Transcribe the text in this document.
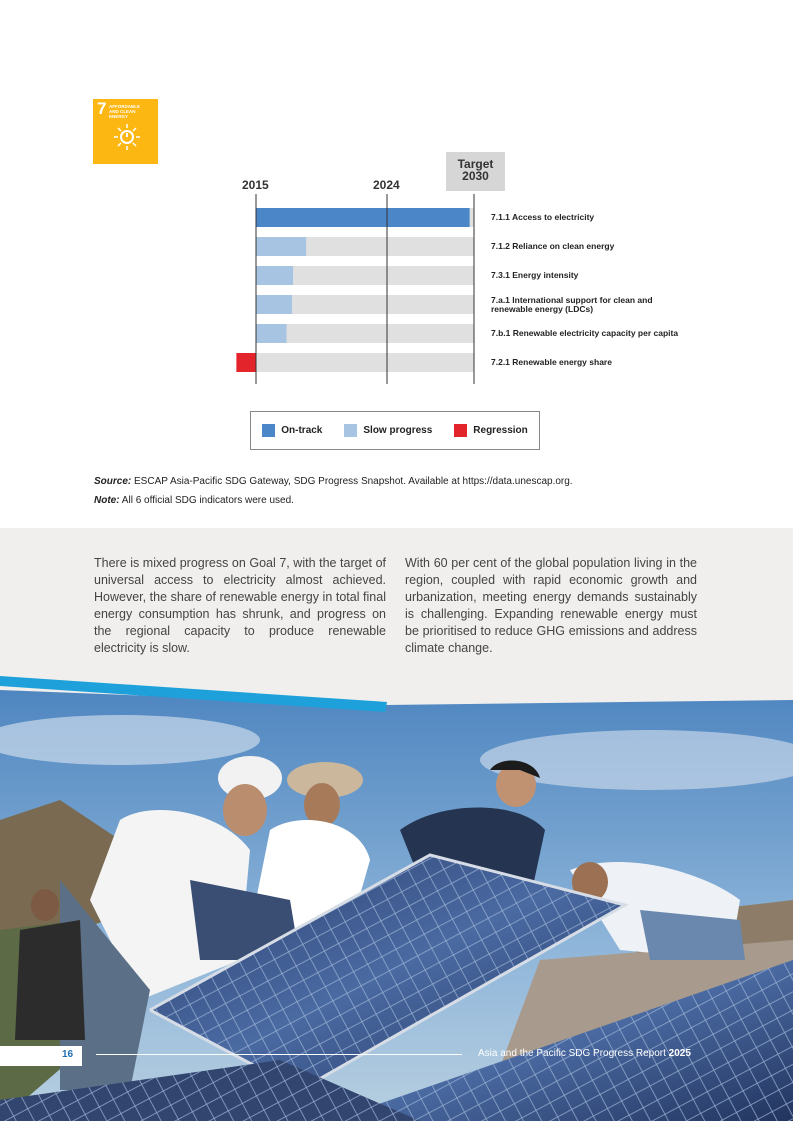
7 AFFORDABLE AND CLEAN ENERGY
2015	2024
Target
2030
7.1.1 Access to electricity
7.1.2 Reliance on clean energy
7.3.1 Energy intensity
7.a.1 International support for clean and renewable energy (LDCs)
7.b.1 Renewable electricity capacity per capita
7.2.1 Renewable energy share
On-track	Slow progress	Regression
Source: ESCAP Asia-Pacific SDG Gateway, SDG Progress Snapshot. Available at https://data.unescap.org.
Note: All 6 official SDG indicators were used.
There is mixed progress on Goal 7, with the target of universal access to electricity almost achieved. However, the share of renewable energy in total final energy consumption has shrunk, and progress on the regional capacity to produce renewable electricity is slow.
With 60 per cent of the global population living in the region, coupled with rapid economic growth and urbanization, meeting energy demands sustainably is challenging. Expanding renewable energy must be prioritised to reduce GHG emissions and address climate change.
16	Asia and the Pacific SDG Progress Report 2025
